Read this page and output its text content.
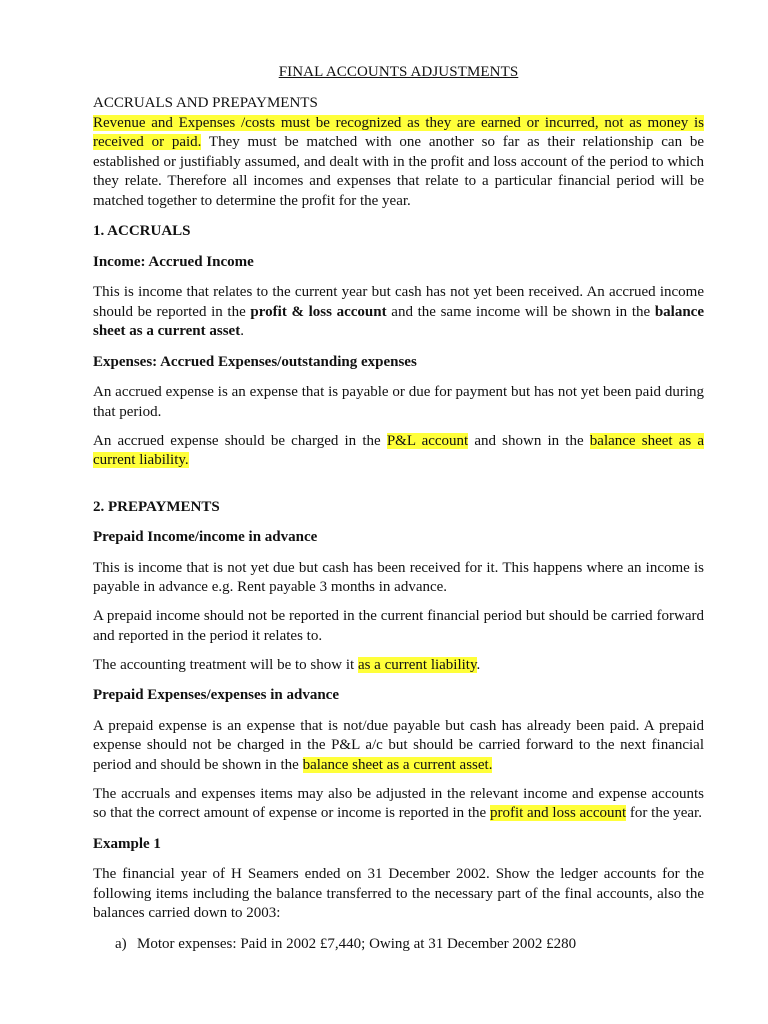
FINAL ACCOUNTS ADJUSTMENTS
ACCRUALS AND PREPAYMENTS

Revenue and Expenses /costs must be recognized as they are earned or incurred, not as money is received or paid. They must be matched with one another so far as their relationship can be established or justifiably assumed, and dealt with in the profit and loss account of the period to which they relate. Therefore all incomes and expenses that relate to a particular financial period will be matched together to determine the profit for the year.

1. ACCRUALS
Income: Accrued Income

This is income that relates to the current year but cash has not yet been received. An accrued income should be reported in the profit & loss account and the same income will be shown in the balance sheet as a current asset.

Expenses: Accrued Expenses/outstanding expenses

An accrued expense is an expense that is payable or due for payment but has not yet been paid during that period.

An accrued expense should be charged in the P&L account and shown in the balance sheet as a current liability.

2. PREPAYMENTS
Prepaid Income/income in advance

This is income that is not yet due but cash has been received for it. This happens where an income is payable in advance e.g. Rent payable 3 months in advance.

A prepaid income should not be reported in the current financial period but should be carried forward and reported in the period it relates to.

The accounting treatment will be to show it as a current liability.

Prepaid Expenses/expenses in advance

A prepaid expense is an expense that is not/due payable but cash has already been paid. A prepaid expense should not be charged in the P&L a/c but should be carried forward to the next financial period and should be shown in the balance sheet as a current asset.

The accruals and expenses items may also be adjusted in the relevant income and expense accounts so that the correct amount of expense or income is reported in the profit and loss account for the year.

Example 1

The financial year of H Seamers ended on 31 December 2002. Show the ledger accounts for the following items including the balance transferred to the necessary part of the final accounts, also the balances carried down to 2003:

a) Motor expenses: Paid in 2002 £7,440; Owing at 31 December 2002 £280
